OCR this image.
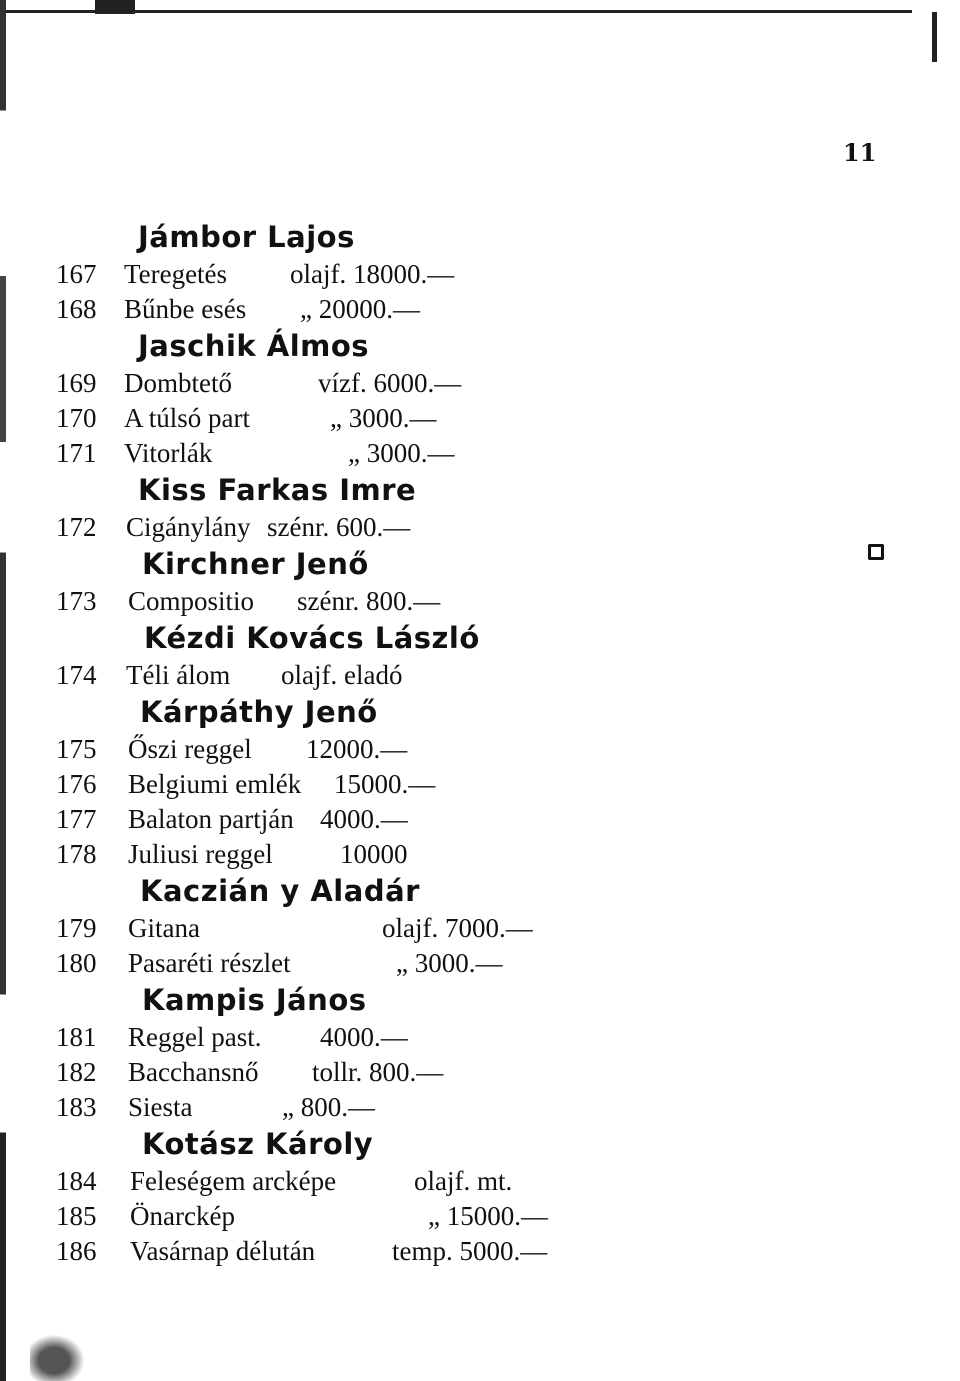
11
Jámbor Lajos
167 Teregetés olajf. 18000.—
168 Bűnbe esés „ 20000.—
Jaschik Álmos
169 Dombtető	vízf. 6000.—
170 A túlsó part	„ 3000.—
171 Vitorlák	„ 3000.—
Kiss Farkas Imre
172 Cigánylány szénr. 600.—
Kirchner Jenő
173 Compositio szénr. 800.—
Kézdi Kovács László
174 Téli álom olajf. eladó
Kárpáthy Jenő
175 Őszi reggel 12000.—
176 Belgiumi emlék 15000.—
177 Balaton partján 4000.—
178 Juliusi reggel 10000
Kaczián y Aladár
179 Gitana	olajf. 7000.—
180 Pasaréti részlet	„ 3000.—
Kampis János
181 Reggel past. 4000.—
182 Bacchansnő tollr. 800.—
183 Siesta	„ 800.—
Kotász Károly
184 Feleségem arcképe	olajf. mt.
185 Önarckép	„ 15000.—
186 Vasárnap délután	temp. 5000.—
